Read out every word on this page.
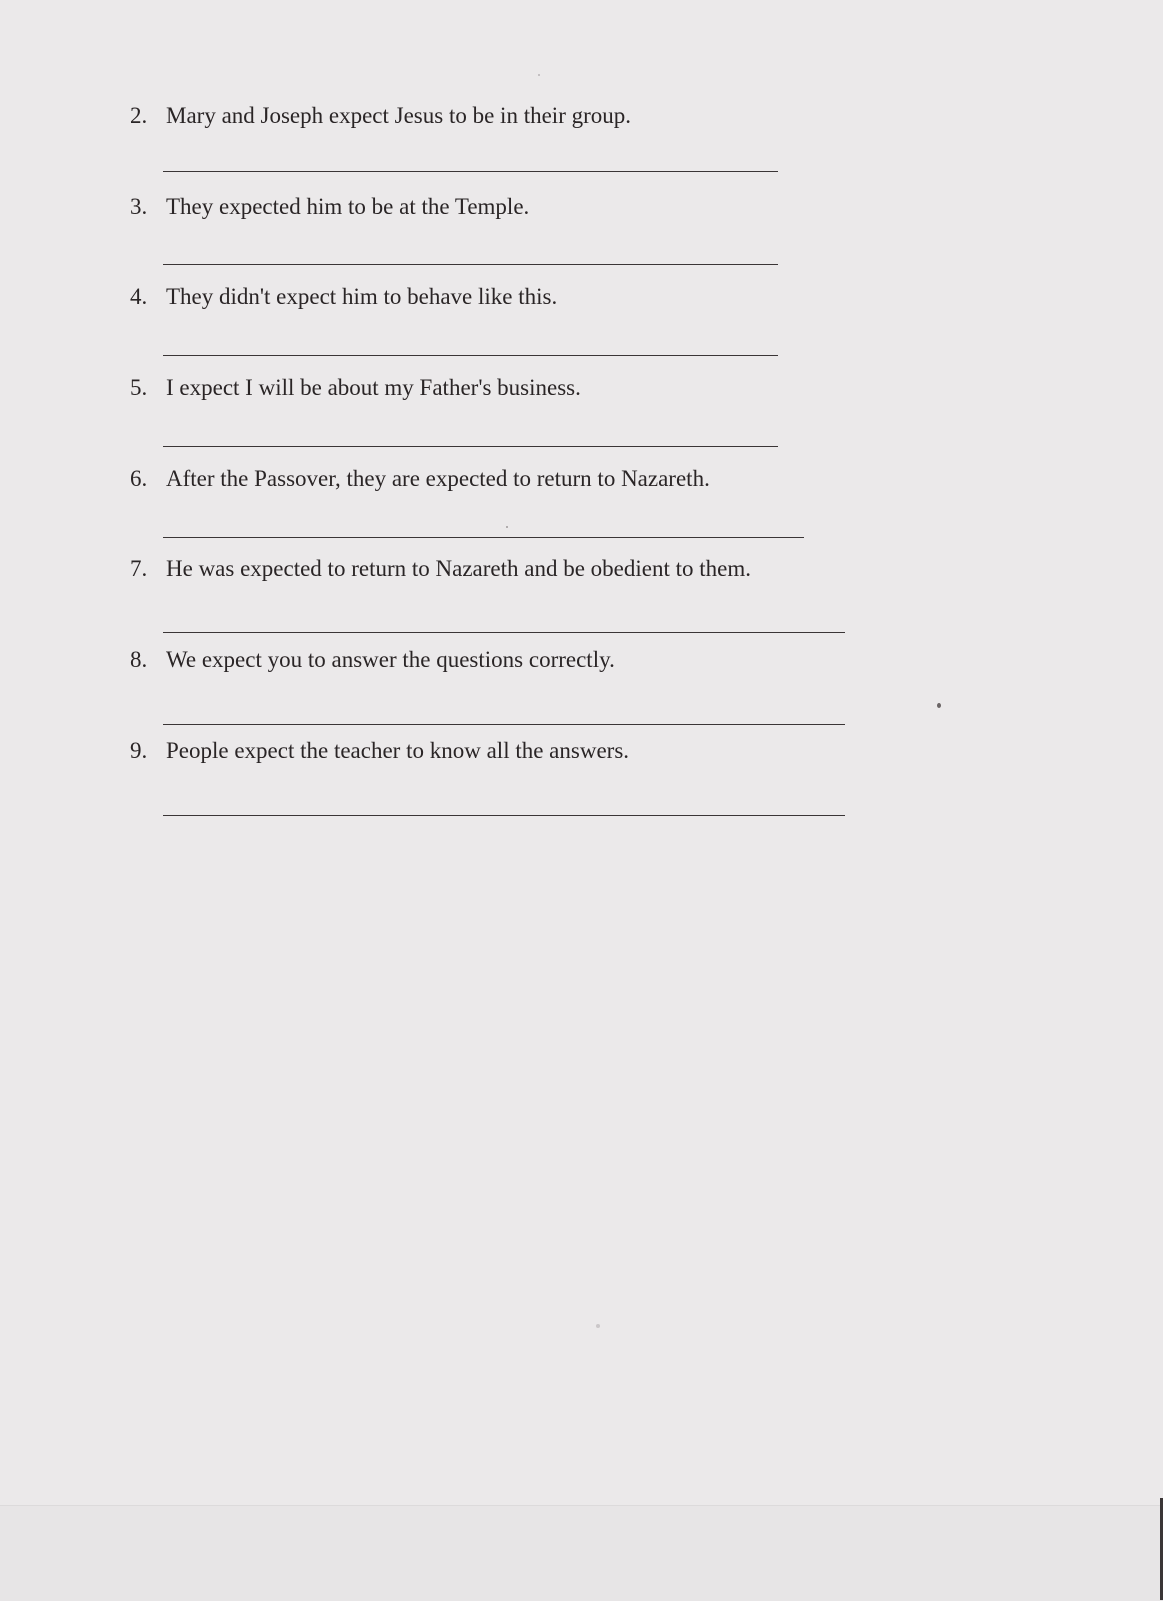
2. Mary and Joseph expect Jesus to be in their group.
3. They expected him to be at the Temple.
4. They didn't expect him to behave like this.
5. I expect I will be about my Father's business.
6. After the Passover, they are expected to return to Nazareth.
7. He was expected to return to Nazareth and be obedient to them.
8. We expect you to answer the questions correctly.
9. People expect the teacher to know all the answers.
